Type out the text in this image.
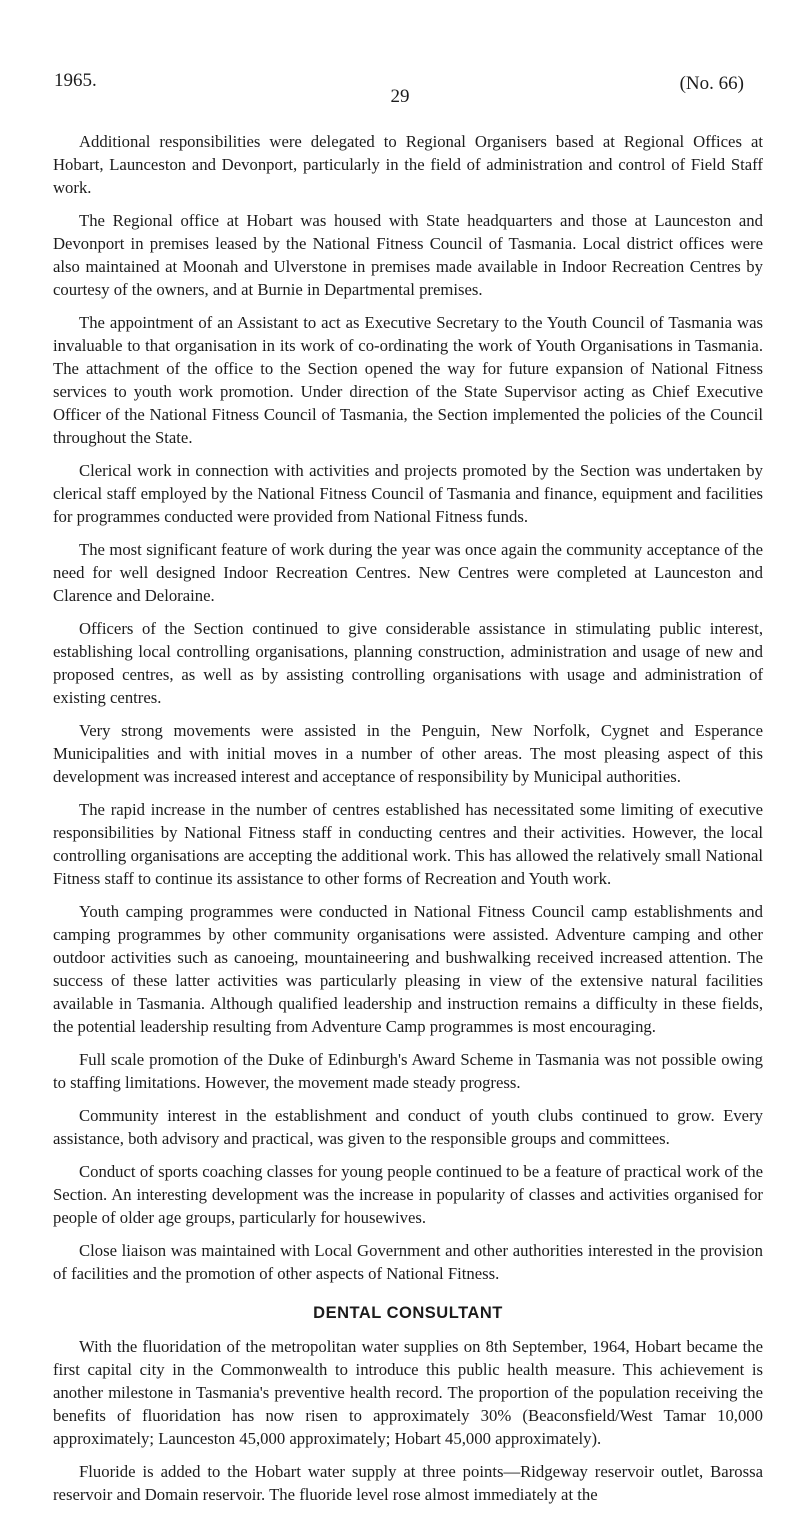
1965.
29
(No. 66)

Additional responsibilities were delegated to Regional Organisers based at Regional Offices at Hobart, Launceston and Devonport, particularly in the field of administration and control of Field Staff work.

The Regional office at Hobart was housed with State headquarters and those at Launceston and Devonport in premises leased by the National Fitness Council of Tasmania. Local district offices were also maintained at Moonah and Ulverstone in premises made available in Indoor Recreation Centres by courtesy of the owners, and at Burnie in Departmental premises.

The appointment of an Assistant to act as Executive Secretary to the Youth Council of Tasmania was invaluable to that organisation in its work of co-ordinating the work of Youth Organisations in Tasmania. The attachment of the office to the Section opened the way for future expansion of National Fitness services to youth work promotion. Under direction of the State Supervisor acting as Chief Executive Officer of the National Fitness Council of Tasmania, the Section implemented the policies of the Council throughout the State.

Clerical work in connection with activities and projects promoted by the Section was undertaken by clerical staff employed by the National Fitness Council of Tasmania and finance, equipment and facilities for programmes conducted were provided from National Fitness funds.

The most significant feature of work during the year was once again the community acceptance of the need for well designed Indoor Recreation Centres. New Centres were completed at Launceston and Clarence and Deloraine.

Officers of the Section continued to give considerable assistance in stimulating public interest, establishing local controlling organisations, planning construction, administration and usage of new and proposed centres, as well as by assisting controlling organisations with usage and administration of existing centres.

Very strong movements were assisted in the Penguin, New Norfolk, Cygnet and Esperance Municipalities and with initial moves in a number of other areas. The most pleasing aspect of this development was increased interest and acceptance of responsibility by Municipal authorities.

The rapid increase in the number of centres established has necessitated some limiting of executive responsibilities by National Fitness staff in conducting centres and their activities. However, the local controlling organisations are accepting the additional work. This has allowed the relatively small National Fitness staff to continue its assistance to other forms of Recreation and Youth work.

Youth camping programmes were conducted in National Fitness Council camp establishments and camping programmes by other community organisations were assisted. Adventure camping and other outdoor activities such as canoeing, mountaineering and bushwalking received increased attention. The success of these latter activities was particularly pleasing in view of the extensive natural facilities available in Tasmania. Although qualified leadership and instruction remains a difficulty in these fields, the potential leadership resulting from Adventure Camp programmes is most encouraging.

Full scale promotion of the Duke of Edinburgh's Award Scheme in Tasmania was not possible owing to staffing limitations. However, the movement made steady progress.

Community interest in the establishment and conduct of youth clubs continued to grow. Every assistance, both advisory and practical, was given to the responsible groups and committees.

Conduct of sports coaching classes for young people continued to be a feature of practical work of the Section. An interesting development was the increase in popularity of classes and activities organised for people of older age groups, particularly for housewives.

Close liaison was maintained with Local Government and other authorities interested in the provision of facilities and the promotion of other aspects of National Fitness.

DENTAL CONSULTANT

With the fluoridation of the metropolitan water supplies on 8th September, 1964, Hobart became the first capital city in the Commonwealth to introduce this public health measure. This achievement is another milestone in Tasmania's preventive health record. The proportion of the population receiving the benefits of fluoridation has now risen to approximately 30% (Beaconsfield/West Tamar 10,000 approximately; Launceston 45,000 approximately; Hobart 45,000 approximately).

Fluoride is added to the Hobart water supply at three points—Ridgeway reservoir outlet, Barossa reservoir and Domain reservoir. The fluoride level rose almost immediately at the
